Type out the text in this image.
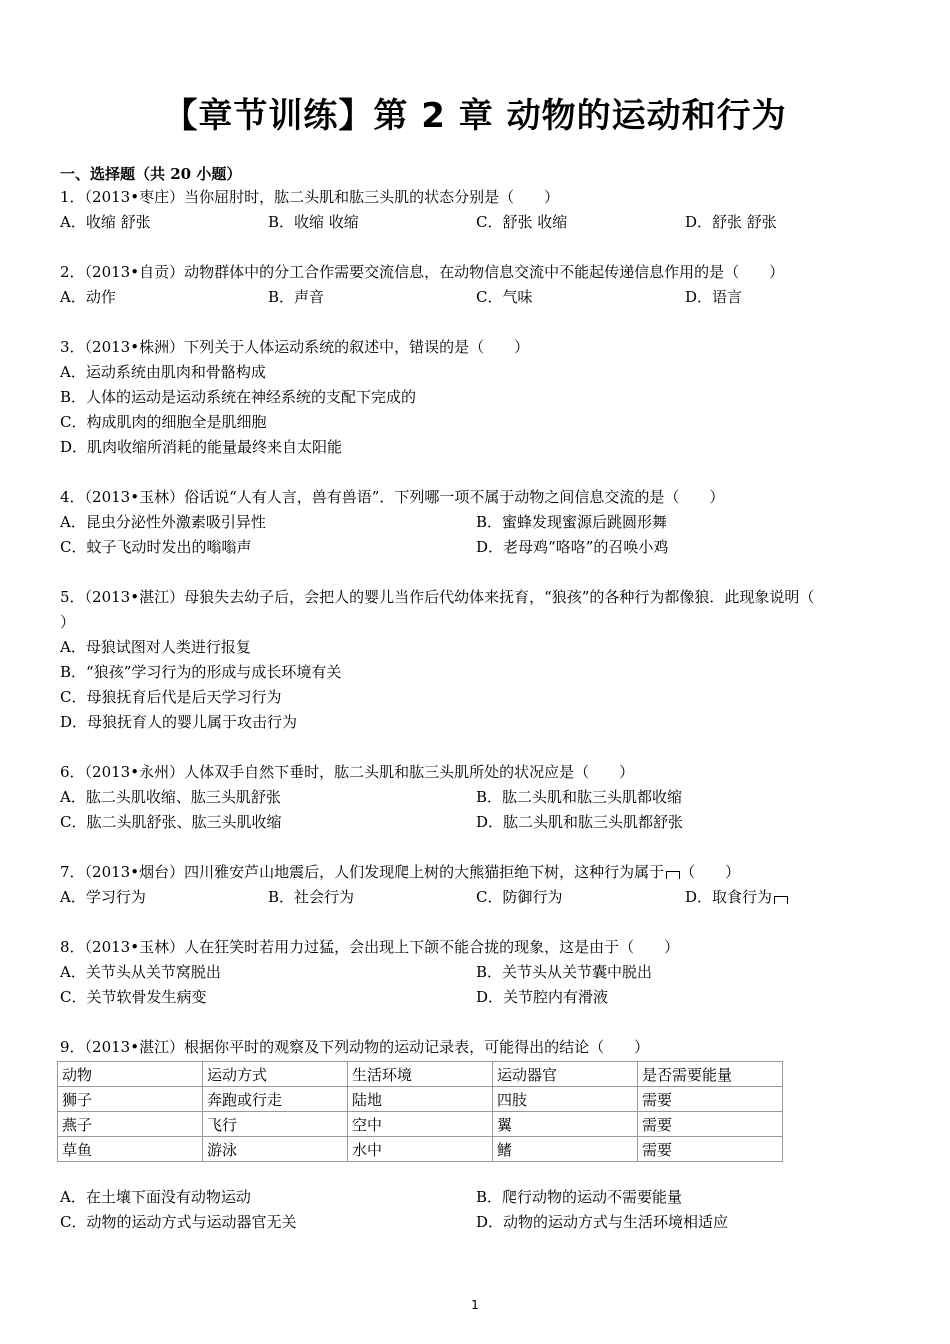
【章节训练】第 2 章 动物的运动和行为
一、选择题（共 20 小题）
1．（2013•枣庄）当你屈肘时，肱二头肌和肱三头肌的状态分别是（　　）
A．收缩 舒张	B．收缩 收缩	C．舒张 收缩	D．舒张 舒张
2．（2013•自贡）动物群体中的分工合作需要交流信息，在动物信息交流中不能起传递信息作用的是（　　）
A．动作	B．声音	C．气味	D．语言
3．（2013•株洲）下列关于人体运动系统的叙述中，错误的是（　　）
A．运动系统由肌肉和骨骼构成
B．人体的运动是运动系统在神经系统的支配下完成的
C．构成肌肉的细胞全是肌细胞
D．肌肉收缩所消耗的能量最终来自太阳能
4．（2013•玉林）俗话说“人有人言，兽有兽语”．下列哪一项不属于动物之间信息交流的是（　　）
A．昆虫分泌性外激素吸引异性	B．蜜蜂发现蜜源后跳圆形舞
C．蚊子飞动时发出的嗡嗡声	D．老母鸡“咯咯”的召唤小鸡
5．（2013•湛江）母狼失去幼子后，会把人的婴儿当作后代幼体来抚育，“狼孩”的各种行为都像狼．此现象说明（
）
A．母狼试图对人类进行报复
B．“狼孩”学习行为的形成与成长环境有关
C．母狼抚育后代是后天学习行为
D．母狼抚育人的婴儿属于攻击行为
6．（2013•永州）人体双手自然下垂时，肱二头肌和肱三头肌所处的状况应是（　　）
A．肱二头肌收缩、肱三头肌舒张	B．肱二头肌和肱三头肌都收缩
C．肱二头肌舒张、肱三头肌收缩	D．肱二头肌和肱三头肌都舒张
7．（2013•烟台）四川雅安芦山地震后，人们发现爬上树的大熊猫拒绝下树，这种行为属于 （　　）
A．学习行为	B．社会行为	C．防御行为	D．取食行为
8．（2013•玉林）人在狂笑时若用力过猛，会出现上下颌不能合拢的现象，这是由于（　　）
A．关节头从关节窝脱出	B．关节头从关节囊中脱出
C．关节软骨发生病变	D．关节腔内有滑液
9．（2013•湛江）根据你平时的观察及下列动物的运动记录表，可能得出的结论（　　）
动物	运动方式	生活环境	运动器官	是否需要能量
狮子	奔跑或行走	陆地	四肢	需要
燕子	飞行	空中	翼	需要
草鱼	游泳	水中	鳍	需要
A．在土壤下面没有动物运动	B．爬行动物的运动不需要能量
C．动物的运动方式与运动器官无关	D．动物的运动方式与生活环境相适应
1
